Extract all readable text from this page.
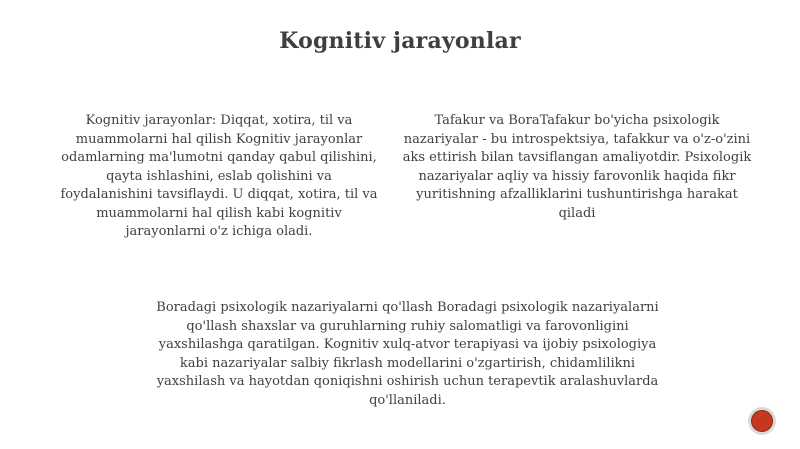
Kognitiv jarayonlar
Kognitiv jarayonlar: Diqqat, xotira, til va muammolarni hal qilish Kognitiv jarayonlar odamlarning ma'lumotni qanday qabul qilishini, qayta ishlashini, eslab qolishini va foydalanishini tavsiflaydi. U diqqat, xotira, til va muammolarni hal qilish kabi kognitiv jarayonlarni o'z ichiga oladi.
Tafakur va BoraTafakur bo'yicha psixologik nazariyalar - bu introspektsiya, tafakkur va o'z-o'zini aks ettirish bilan tavsiflangan amaliyotdir. Psixologik nazariyalar aqliy va hissiy farovonlik haqida fikr yuritishning afzalliklarini tushuntirishga harakat qiladi
Boradagi psixologik nazariyalarni qo'llash Boradagi psixologik nazariyalarni qo'llash shaxslar va guruhlarning ruhiy salomatligi va farovonligini yaxshilashga qaratilgan. Kognitiv xulq-atvor terapiyasi va ijobiy psixologiya kabi nazariyalar salbiy fikrlash modellarini o'zgartirish, chidamlilikni yaxshilash va hayotdan qoniqishni oshirish uchun terapevtik aralashuvlarda qo'llaniladi.
